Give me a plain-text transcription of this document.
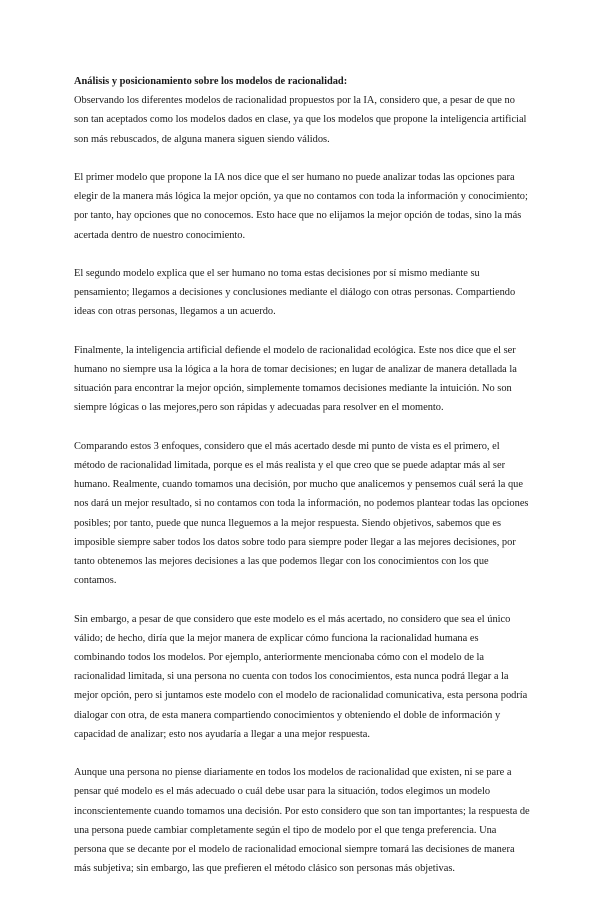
Análisis y posicionamiento sobre los modelos de racionalidad:

Observando los diferentes modelos de racionalidad propuestos por la IA, considero que, a pesar de que no son tan aceptados como los modelos dados en clase, ya que los modelos que propone la inteligencia artificial son más rebuscados, de alguna manera siguen siendo válidos.

El primer modelo que propone la IA nos dice que el ser humano no puede analizar todas las opciones para elegir de la manera más lógica la mejor opción, ya que no contamos con toda la información y conocimiento; por tanto, hay opciones que no conocemos. Esto hace que no elijamos la mejor opción de todas, sino la más acertada dentro de nuestro conocimiento.

El segundo modelo explica que el ser humano no toma estas decisiones por sí mismo mediante su pensamiento; llegamos a decisiones y conclusiones mediante el diálogo con otras personas. Compartiendo ideas con otras personas, llegamos a un acuerdo.

Finalmente, la inteligencia artificial defiende el modelo de racionalidad ecológica. Este nos dice que el ser humano no siempre usa la lógica a la hora de tomar decisiones; en lugar de analizar de manera detallada la situación para encontrar la mejor opción, simplemente tomamos decisiones mediante la intuición. No son siempre lógicas o las mejores,pero son rápidas y adecuadas para resolver en el momento.

Comparando estos 3 enfoques, considero que el más acertado desde mi punto de vista es el primero, el método de racionalidad limitada, porque es el más realista y el que creo que se puede adaptar más al ser humano. Realmente, cuando tomamos una decisión, por mucho que analicemos y pensemos cuál será la que nos dará un mejor resultado, si no contamos con toda la información, no podemos plantear todas las opciones posibles; por tanto, puede que nunca lleguemos a la mejor respuesta. Siendo objetivos, sabemos que es imposible siempre saber todos los datos sobre todo para siempre poder llegar a las mejores decisiones, por tanto obtenemos las mejores decisiones a las que podemos llegar con los conocimientos con los que contamos.

Sin embargo, a pesar de que considero que este modelo es el más acertado, no considero que sea el único válido; de hecho, diría que la mejor manera de explicar cómo funciona la racionalidad humana es combinando todos los modelos. Por ejemplo, anteriormente mencionaba cómo con el modelo de la racionalidad limitada, si una persona no cuenta con todos los conocimientos, esta nunca podrá llegar a la mejor opción, pero si juntamos este modelo con el modelo de racionalidad comunicativa, esta persona podría dialogar con otra, de esta manera compartiendo conocimientos y obteniendo el doble de información y capacidad de analizar; esto nos ayudaría a llegar a una mejor respuesta.

Aunque una persona no piense diariamente en todos los modelos de racionalidad que existen, ni se pare a pensar qué modelo es el más adecuado o cuál debe usar para la situación, todos elegimos un modelo inconscientemente cuando tomamos una decisión. Por esto considero que son tan importantes; la respuesta de una persona puede cambiar completamente según el tipo de modelo por el que tenga preferencia. Una persona que se decante por el modelo de racionalidad emocional siempre tomará las decisiones de manera más subjetiva; sin embargo, las que prefieren el método clásico son personas más objetivas.
